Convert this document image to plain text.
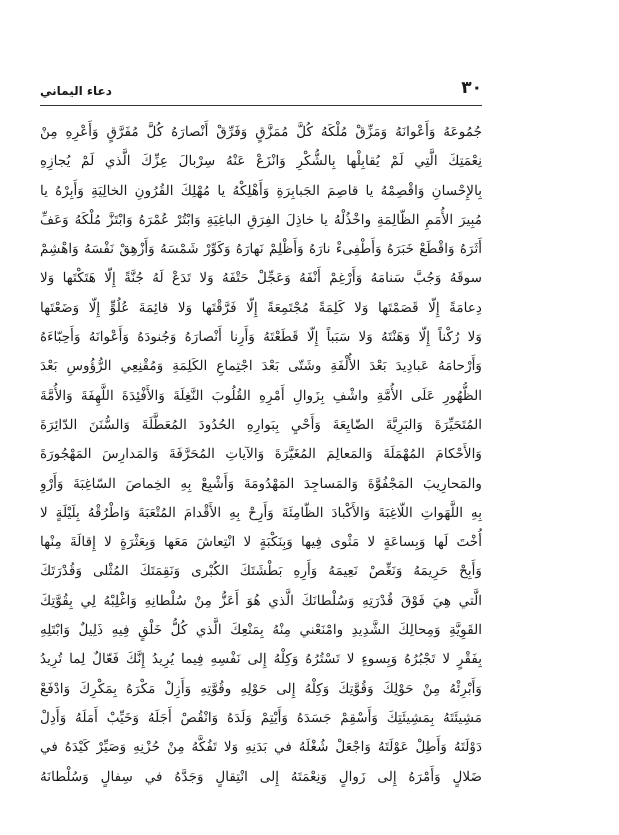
٣٠
دعاء اليماني
جُمُوعَهُ وَأَعْوانَهُ وَمَزِّقْ مُلْكَهُ كُلَّ مُمَزَّقٍ وَفَرِّقْ أَنْصارَهُ كُلَّ مُفَرَّقٍ وَأَعْرِهِ مِنْ
نِعْمَتِكَ الَّتِي لَمْ يُقابِلْها بِالشُّكْرِ وَانْزَعْ عَنْهُ سِرْبالَ عِزِّكَ الَّذي لَمْ يُجازِهِ
بِالإِحْسانِ وَاقْصِمْهُ يا قاصِمَ الجَبابِرَةِ وَأَهْلِكْهُ يا مُهْلِكَ القُرُونِ الخالِيَةِ وَأَبِرْهُ يا
مُبِيرَ الأُمَمِ الظّالِمَةِ واخْذُلْهُ يا خاذِلَ الفِرَقِ الباغِيَةِ وَابْتُرْ عُمْرَهُ وَابْتَزَّ مُلْكَهُ وَعَفِّ
أَثَرَهُ وَاقْطَعْ خَبَرَهُ وَأَطْفِىءْ نارَهُ وَأَظْلِمْ نَهارَهُ وَكَوِّرْ شَمْسَهُ وَأَزْهِقْ نَفْسَهُ وَاهْشِمْ
سوقَهُ وَجُبَّ سَنامَهُ وَأَرْغِمْ أَنْفَهُ وَعَجِّلْ حَتْفَهُ وَلا تَدَعْ لَهُ جُنَّةً إِلّا هَتَكْتَها وَلا
دِعامَةً إِلّا قَصَمْتَها وَلا كَلِمَةً مُجْتَمِعَةً إِلّا فَرَّقْتَها وَلا قائِمَةَ عُلُوٍّ إِلّا وَضَعْتَها
وَلا رُكْناً إِلّا وَهَنْتَهُ وَلا سَبَباً إِلّا قَطَعْتَهُ وَأَرِنا أَنْصارَهُ وَجُنودَهُ وَأَعْوانَهُ وَأَحِبّاءَهُ
وَأَرْحامَهُ عَبادِيدَ بَعْدَ الأُلْفَةِ وشَتّى بَعْدَ اجْتِماعِ الكَلِمَةِ وَمُقْنِعِي الرُّؤُوسِ بَعْدَ
الظُّهُورِ عَلَى الأُمَّةِ واشْفِ بِزَوالِ أَمْرِهِ القُلُوبَ النَّغِلَةَ وَالأَفْئِدَةَ اللَّهِفَةَ وَالأُمَّةَ
المُتَحَيِّرَةَ وَالبَرِيَّةَ الضّايِعَةَ وَأَحْيِ بِبَوارِهِ الحُدُودَ المُعَطَّلَةَ وَالسُّنَنَ الدّائِرَةَ
وَالأَحْكامَ المُهْمَلَةَ وَالمَعالِمَ المُغَيَّرَةَ وَالآياتِ المُحَرَّفَةَ وَالمَدارِسَ المَهْجُورَةَ
والمَحارِيبَ المَجْفُوَّةَ وَالمَساجِدَ المَهْدُومَةَ وَأَشْبِعْ بِهِ الخِماصَ السّاغِبَةَ وَأَرْوِ
بِهِ اللَّهَواتِ اللّاغِبَةَ وَالأَكْبادَ الظّامِئَةَ وَأَرِحْ بِهِ الأَقْدامَ المُتْعَبَةَ وَاطْرُقْهُ بِلَيْلَةٍ لا
أُخْتَ لَها وَبِساعَةٍ لا مَثْوى فِيها وَبِنَكْبَةٍ لا انْتِعاشَ مَعَها وَبِعَثْرَةٍ لا إِقالَةَ مِنْها
وَأَبِحْ حَرِيمَهُ وَنَغِّصْ نَعِيمَهُ وَأَرِهِ بَطْشَتَكَ الكُبْرى وَنَقِمَتَكَ المُثْلى وَقُدْرَتَكَ
الَّتي هِيَ فَوْقَ قُدْرَتِهِ وَسُلْطانَكَ الَّذي هُوَ أَعَزُّ مِنْ سُلْطانِهِ وَاغْلِبْهُ لِي بِقُوَّتِكَ
القَوِيَّةِ وَمِحالِكَ الشَّدِيدِ وامْنَعْني مِنْهُ بِمَنْعِكَ الَّذي كُلُّ خَلْقٍ فِيهِ ذَلِيلٌ وَابْتَلِهِ
بِفَقْرٍ لا تَجْبُرُهُ وَبِسوءٍ لا تَسْتُرُهُ وَكِلْهُ إِلى نَفْسِهِ فِيما يُرِيدُ إِنَّكَ فَعّالٌ لِما تُرِيدُ
وَأَبْرِئْهُ مِنْ حَوْلِكَ وَقُوَّتِكَ وَكِلْهُ إِلى حَوْلِهِ وقُوَّتِهِ وَأَزِلْ مَكْرَهُ بِمَكْرِكَ وَادْفَعْ
مَشِيئَتَهُ بِمَشِيئَتِكَ وَأَسْقِمْ جَسَدَهُ وَأَيْتِمْ وَلَدَهُ وَانْقُصْ أَجَلَهُ وَخَيِّبْ أَمَلَهُ وَأَدِلْ
دَوْلَتَهُ وَأَطِلْ عَوْلَتَهُ وَاجْعَلْ شُغْلَهُ في بَدَنِهِ وَلا تَفُكَّهُ مِنْ حُزْنِهِ وَصَيِّرْ كَيْدَهُ في
ضَلالٍ وَأَمْرَهُ إِلى زَوالٍ وَنِعْمَتَهُ إِلى انْتِقالٍ وَجَدَّهُ في سِفالٍ وَسُلْطانَهُ
